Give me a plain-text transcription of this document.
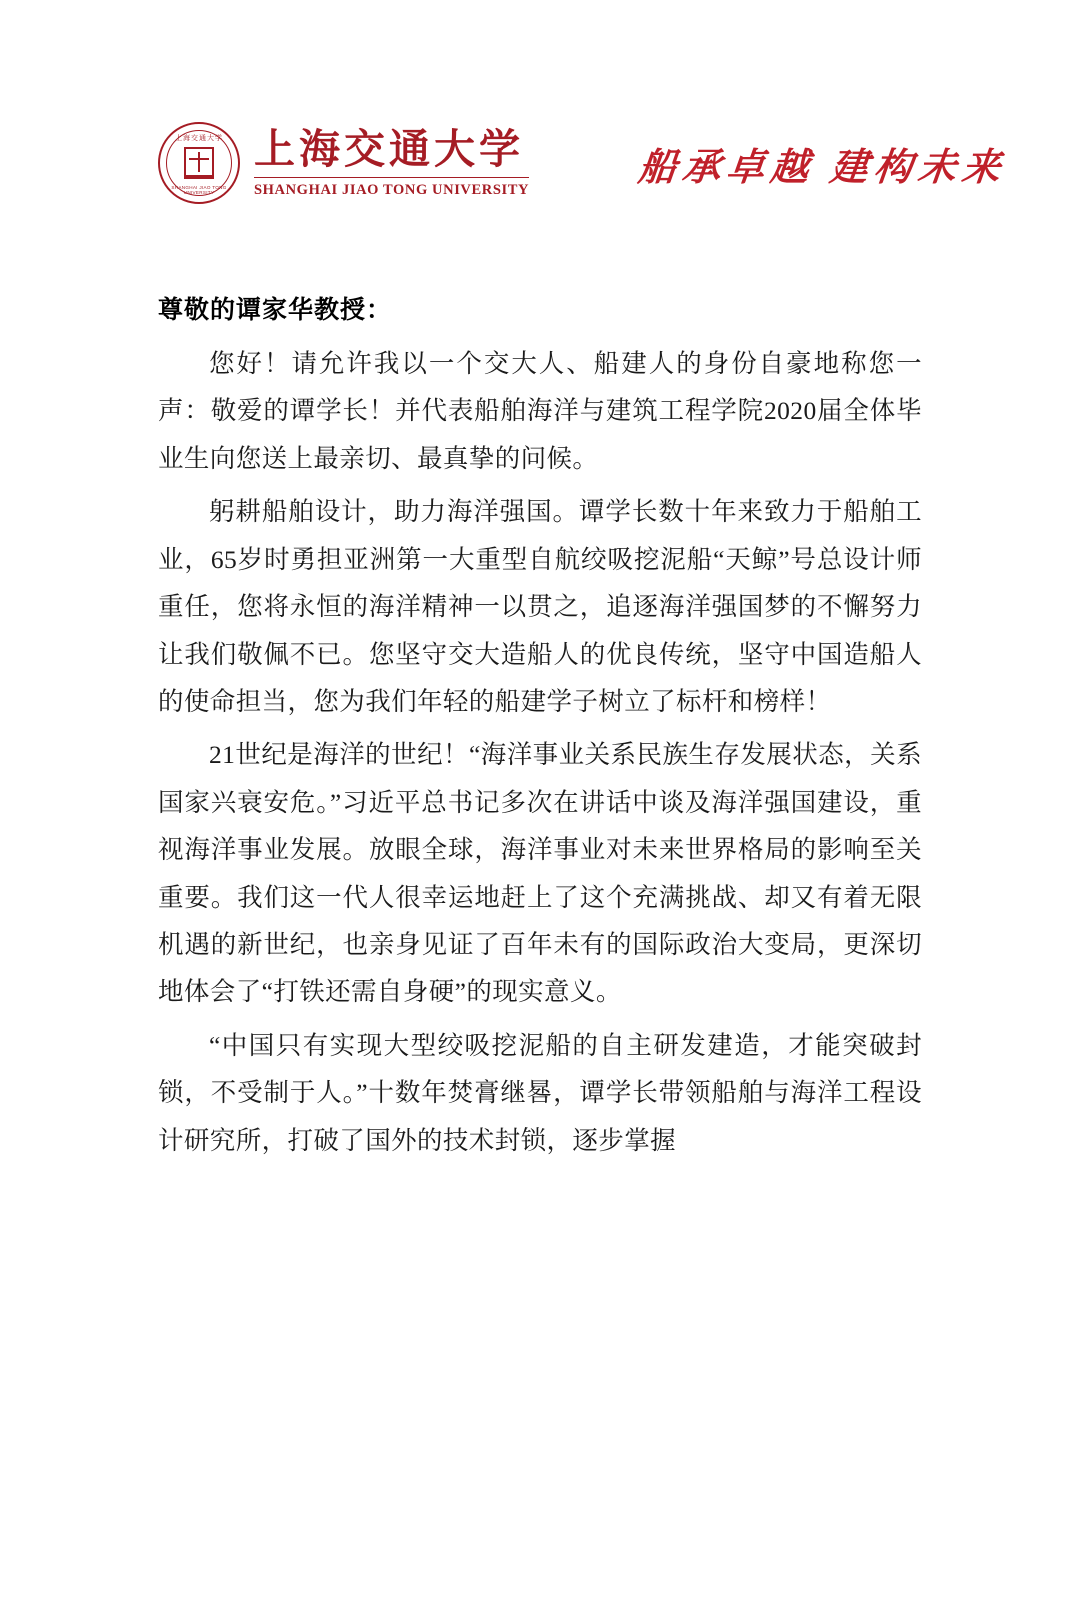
上海交通大学
SHANGHAI JIAO TONG UNIVERSITY
上海交通大学
SHANGHAI JIAO TONG UNIVERSITY
船承卓越 建构未来
尊敬的谭家华教授：

您好！请允许我以一个交大人、船建人的身份自豪地称您一声：敬爱的谭学长！并代表船舶海洋与建筑工程学院2020届全体毕业生向您送上最亲切、最真挚的问候。

躬耕船舶设计，助力海洋强国。谭学长数十年来致力于船舶工业，65岁时勇担亚洲第一大重型自航绞吸挖泥船“天鲸”号总设计师重任，您将永恒的海洋精神一以贯之，追逐海洋强国梦的不懈努力让我们敬佩不已。您坚守交大造船人的优良传统，坚守中国造船人的使命担当，您为我们年轻的船建学子树立了标杆和榜样！

21世纪是海洋的世纪！“海洋事业关系民族生存发展状态，关系国家兴衰安危。”习近平总书记多次在讲话中谈及海洋强国建设，重视海洋事业发展。放眼全球，海洋事业对未来世界格局的影响至关重要。我们这一代人很幸运地赶上了这个充满挑战、却又有着无限机遇的新世纪，也亲身见证了百年未有的国际政治大变局，更深切地体会了“打铁还需自身硬”的现实意义。

“中国只有实现大型绞吸挖泥船的自主研发建造，才能突破封锁，不受制于人。”十数年焚膏继晷，谭学长带领船舶与海洋工程设计研究所，打破了国外的技术封锁，逐步掌握
